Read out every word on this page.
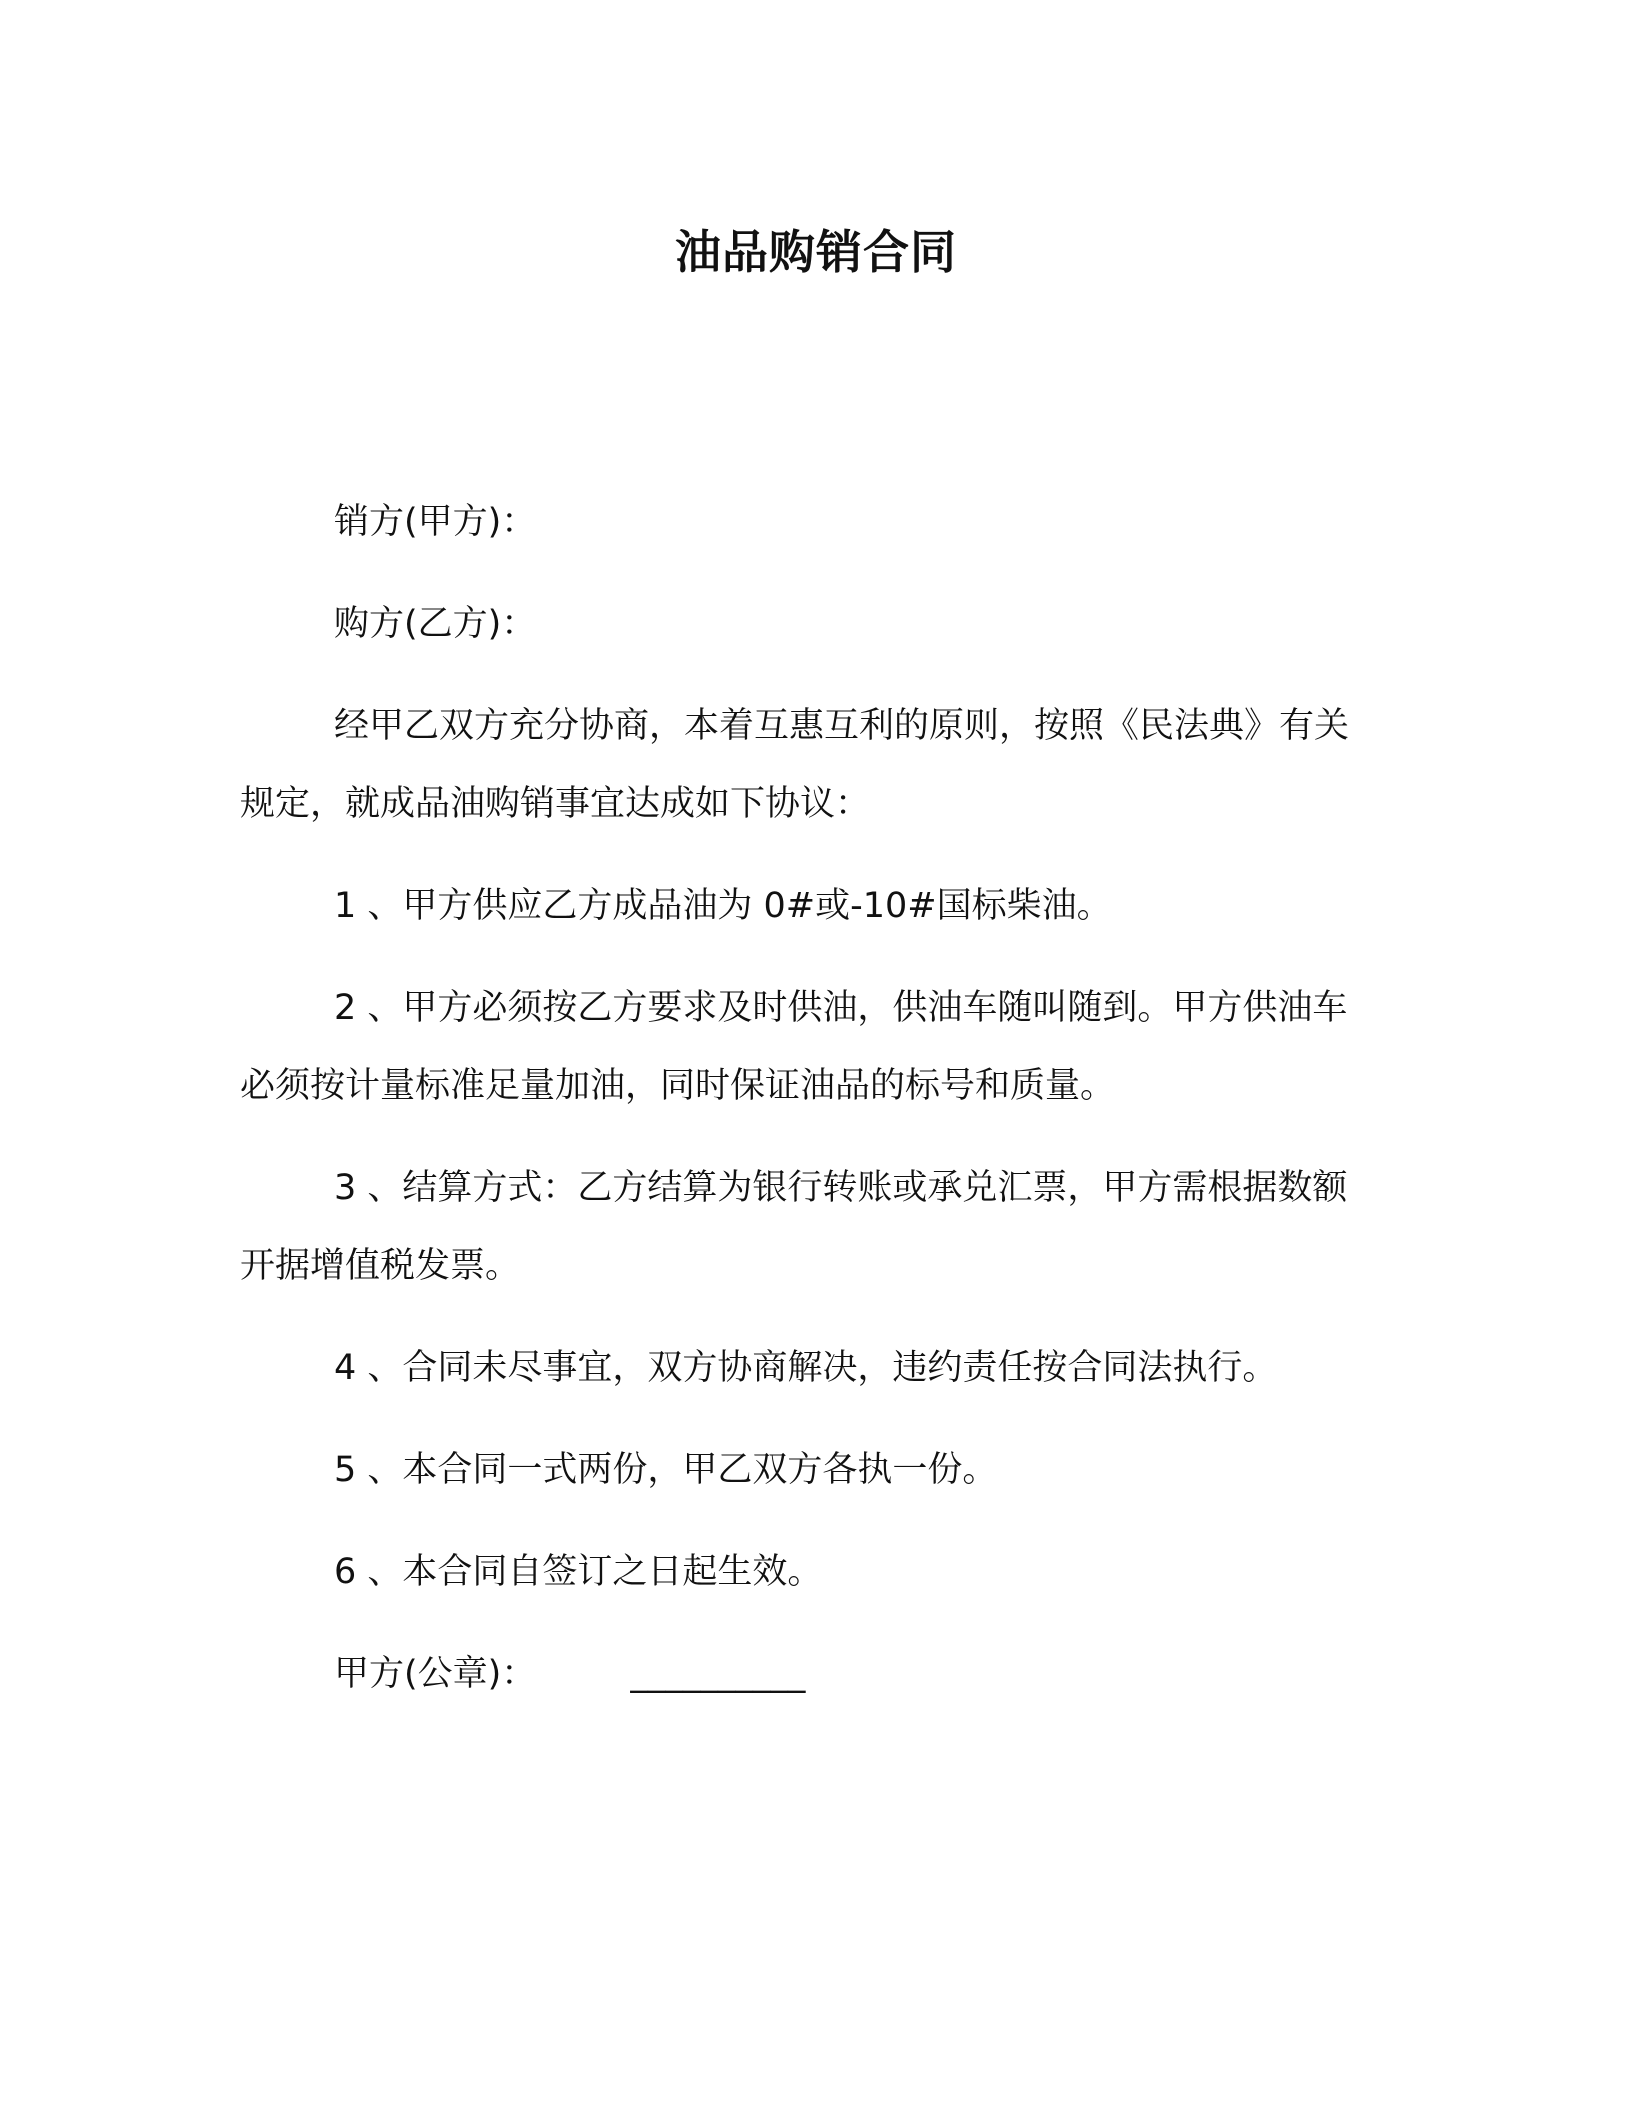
油品购销合同
销方(甲方)：
购方(乙方)：
经甲乙双方充分协商，本着互惠互利的原则，按照《民法典》有关规定，就成品油购销事宜达成如下协议：
1 、甲方供应乙方成品油为 0#或-10#国标柴油。
2 、甲方必须按乙方要求及时供油，供油车随叫随到。甲方供油车必须按计量标准足量加油，同时保证油品的标号和质量。
3 、结算方式：乙方结算为银行转账或承兑汇票，甲方需根据数额开据增值税发票。
4 、合同未尽事宜，双方协商解决，违约责任按合同法执行。
5 、本合同一式两份，甲乙双方各执一份。
6 、本合同自签订之日起生效。
甲方(公章)：	__________
